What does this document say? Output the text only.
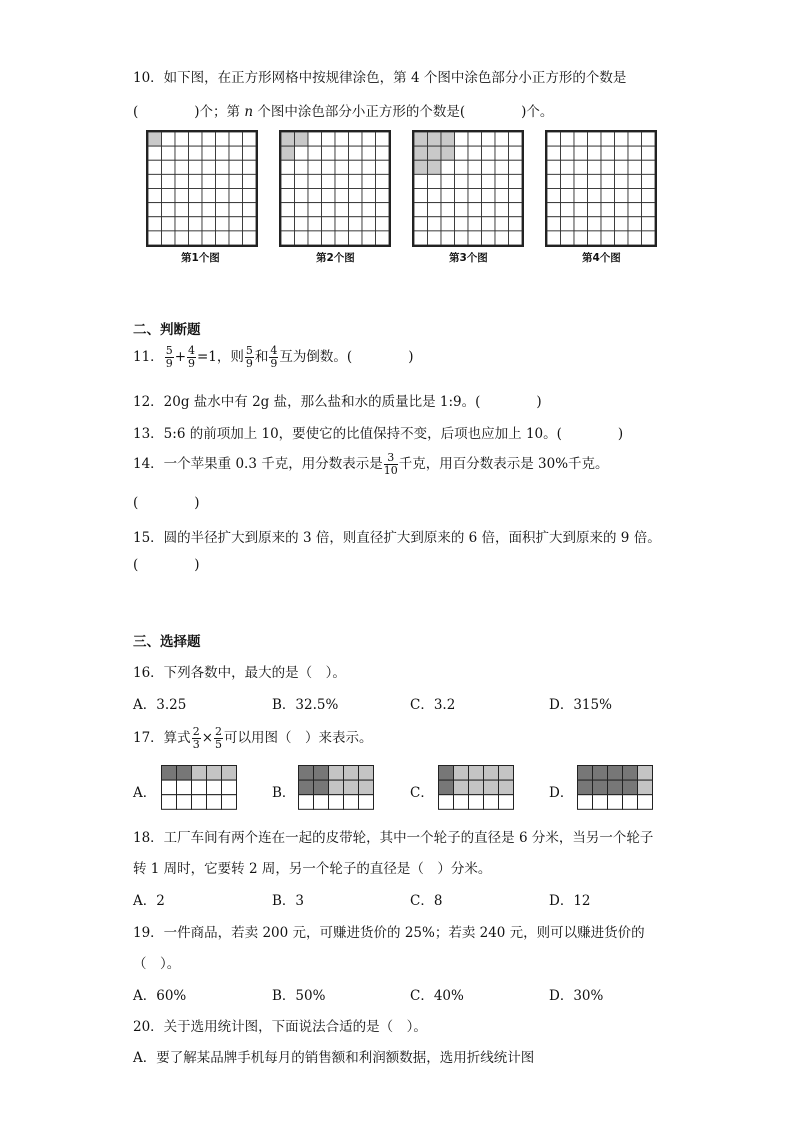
10．如下图，在正方形网格中按规律涂色，第 4 个图中涂色部分小正方形的个数是
(	)个；第 n 个图中涂色部分小正方形的个数是(	)个。
第1个图	第2个图	第3个图	第4个图
二、判断题
11． $\frac{5}{9} + \frac{4}{9} =1$，则 $\frac{5}{9}$ 和 $\frac{4}{9}$ 互为倒数。(	)
12．20g 盐水中有 2g 盐，那么盐和水的质量比是 1:9。(	)
13．5:6 的前项加上 10，要使它的比值保持不变，后项也应加上 10。(	)
14．一个苹果重 0.3 千克，用分数表示是 $\frac{3}{10}$ 千克，用百分数表示是 30%千克。
(	)
15．圆的半径扩大到原来的 3 倍，则直径扩大到原来的 6 倍，面积扩大到原来的 9 倍。
(	)
三、选择题
16．下列各数中，最大的是（　）。
A．3.25	B．32.5%	C．3.2	D．315%
17．算式 $\frac{2}{3} \times \frac{2}{5}$ 可以用图（　）来表示。
A．	B．	C．	D．
18．工厂车间有两个连在一起的皮带轮，其中一个轮子的直径是 6 分米，当另一个轮子
转 1 周时，它要转 2 周，另一个轮子的直径是（　）分米。
A．2	B．3	C．8	D．12
19．一件商品，若卖 200 元，可赚进货价的 25%；若卖 240 元，则可以赚进货价的
（　）。
A．60%	B．50%	C．40%	D．30%
20．关于选用统计图，下面说法合适的是（　）。
A．要了解某品牌手机每月的销售额和利润额数据，选用折线统计图
